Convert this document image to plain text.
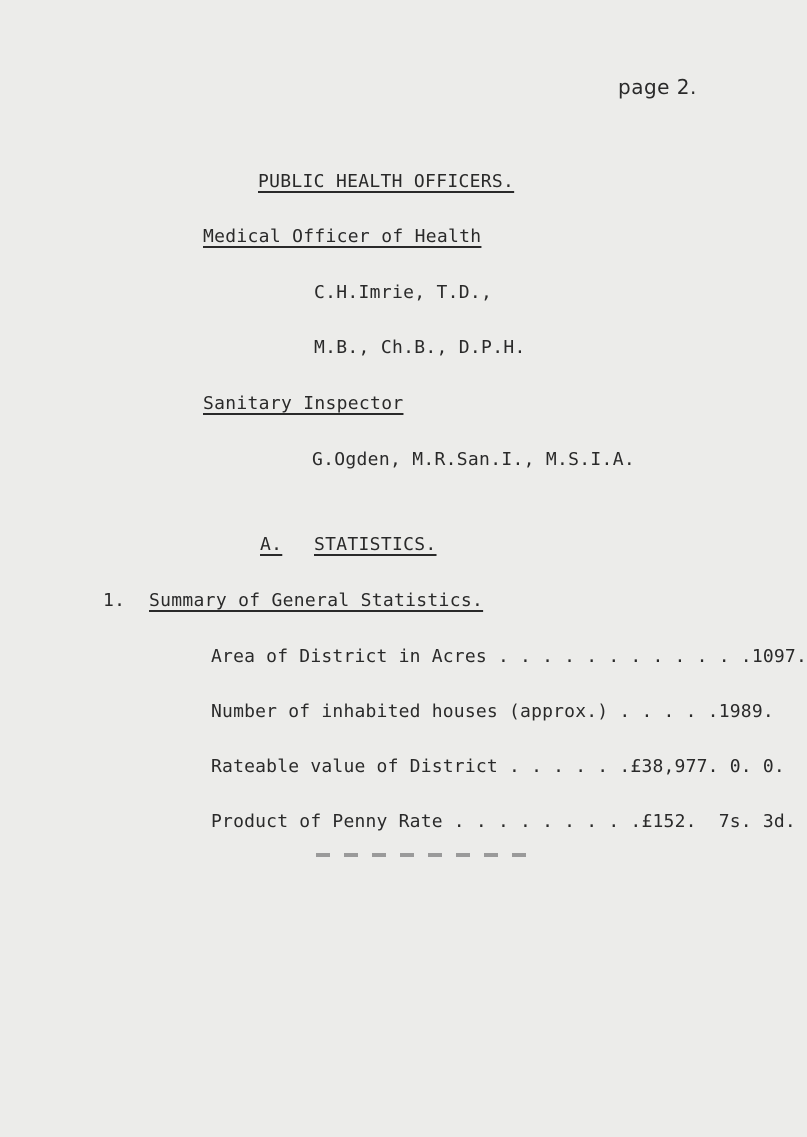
page 2.
PUBLIC HEALTH OFFICERS.
Medical Officer of Health
C.H.Imrie, T.D.,
M.B., Ch.B., D.P.H.
Sanitary Inspector
G.Ogden, M.R.San.I., M.S.I.A.
A. STATISTICS.
1. Summary of General Statistics.
Area of District in Acres . . . . . . . . . . . . 1097.
Number of inhabited houses (approx.) . . . . . 1989.
Rateable value of District . . . . . . £38,977. 0. 0.
Product of Penny Rate . . . . . . . . . £152.  7s. 3d.
